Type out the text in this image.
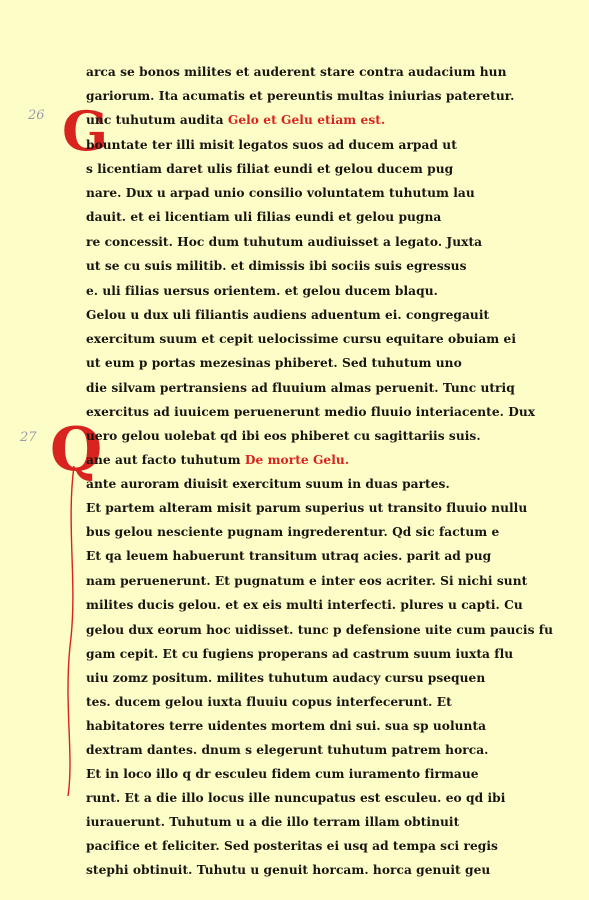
26
27
G
Q
arca se bonos milites et auderent stare contra audacium hun
gariorum. Ita acumatis et pereuntis multas iniurias pateretur.
unc tuhutum audita Gelo et Gelu etiam est.
bountate ter illi misit legatos suos ad ducem arpad ut
s licentiam daret ulis filiat eundi et gelou ducem pug
nare. Dux u arpad unio consilio voluntatem tuhutum lau
dauit. et ei licentiam uli filias eundi et gelou pugna
re concessit. Hoc dum tuhutum audiuisset a legato. Juxta
ut se cu suis militib. et dimissis ibi sociis suis egressus
e. uli filias uersus orientem. et gelou ducem blaqu.
Gelou u dux uli filiantis audiens aduentum ei. congregauit
exercitum suum et cepit uelocissime cursu equitare obuiam ei
ut eum p portas mezesinas phiberet. Sed tuhutum uno
die silvam pertransiens ad fluuium almas peruenit. Tunc utriq
exercitus ad iuuicem peruenerunt medio fluuio interiacente. Dux
uero gelou uolebat qd ibi eos phiberet cu sagittariis suis.
ane aut facto tuhutum De morte Gelu.
ante auroram diuisit exercitum suum in duas partes.
Et partem alteram misit parum superius ut transito fluuio nullu
bus gelou nesciente pugnam ingrederentur. Qd sic factum e
Et qa leuem habuerunt transitum utraq acies. parit ad pug
nam peruenerunt. Et pugnatum e inter eos acriter. Si nichi sunt
milites ducis gelou. et ex eis multi interfecti. plures u capti. Cu
gelou dux eorum hoc uidisset. tunc p defensione uite cum paucis fu
gam cepit. Et cu fugiens properans ad castrum suum iuxta flu
uiu zomz positum. milites tuhutum audacy cursu psequen
tes. ducem gelou iuxta fluuiu copus interfecerunt. Et
habitatores terre uidentes mortem dni sui. sua sp uolunta
dextram dantes. dnum s elegerunt tuhutum patrem horca.
Et in loco illo q dr esculeu fidem cum iuramento firmaue
runt. Et a die illo locus ille nuncupatus est esculeu. eo qd ibi
iurauerunt. Tuhutum u a die illo terram illam obtinuit
pacifice et feliciter. Sed posteritas ei usq ad tempa sci regis
stephi obtinuit. Tuhutu u genuit horcam. horca genuit geu
